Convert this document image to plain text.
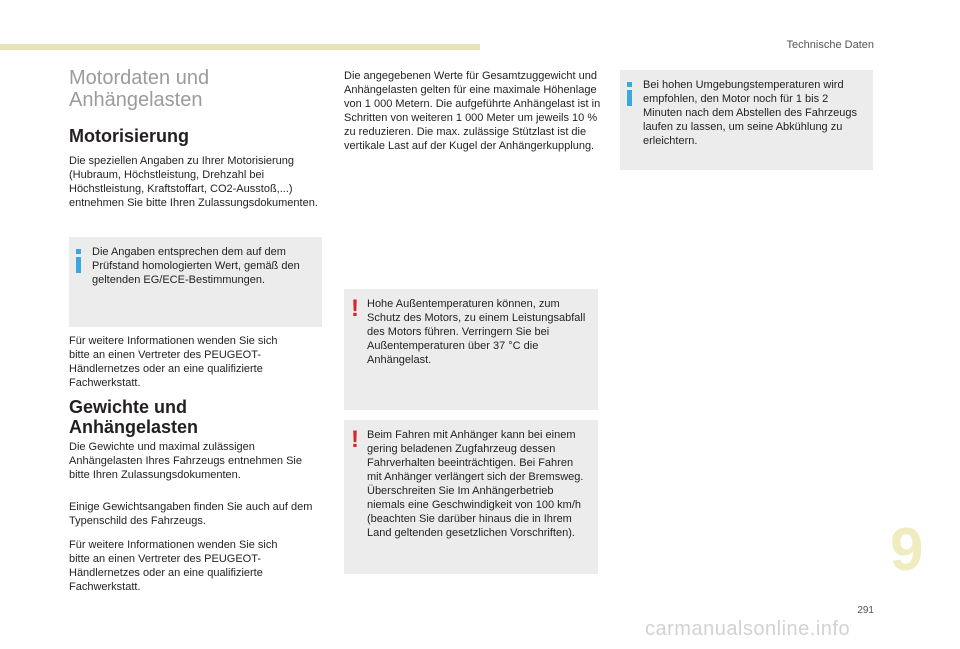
Technische Daten
Motordaten und Anhängelasten
Motorisierung

Die speziellen Angaben zu Ihrer Motorisierung (Hubraum, Höchstleistung, Drehzahl bei Höchstleistung, Kraftstoffart, CO2-Ausstoß,...) entnehmen Sie bitte Ihren Zulassungsdokumenten.

Die Angaben entsprechen dem auf dem Prüfstand homologierten Wert, gemäß den geltenden EG/ECE-Bestimmungen.

Für weitere Informationen wenden Sie sich bitte an einen Vertreter des PEUGEOT-Händlernetzes oder an eine qualifizierte Fachwerkstatt.

Gewichte und Anhängelasten

Die Gewichte und maximal zulässigen Anhängelasten Ihres Fahrzeugs entnehmen Sie bitte Ihren Zulassungsdokumenten.

Einige Gewichtsangaben finden Sie auch auf dem Typenschild des Fahrzeugs.

Für weitere Informationen wenden Sie sich bitte an einen Vertreter des PEUGEOT-Händlernetzes oder an eine qualifizierte Fachwerkstatt.

Die angegebenen Werte für Gesamtzuggewicht und Anhängelasten gelten für eine maximale Höhenlage von 1 000 Metern. Die aufgeführte Anhängelast ist in Schritten von weiteren 1 000 Meter um jeweils 10 % zu reduzieren. Die max. zulässige Stützlast ist die vertikale Last auf der Kugel der Anhängerkupplung.

! Hohe Außentemperaturen können, zum Schutz des Motors, zu einem Leistungsabfall des Motors führen. Verringern Sie bei Außentemperaturen über 37 °C die Anhängelast.
! Beim Fahren mit Anhänger kann bei einem gering beladenen Zugfahrzeug dessen Fahrverhalten beeinträchtigen. Bei Fahren mit Anhänger verlängert sich der Bremsweg. Überschreiten Sie Im Anhängerbetrieb niemals eine Geschwindigkeit von 100 km/h (beachten Sie darüber hinaus die in Ihrem Land geltenden gesetzlichen Vorschriften).
Bei hohen Umgebungstemperaturen wird empfohlen, den Motor noch für 1 bis 2 Minuten nach dem Abstellen des Fahrzeugs laufen zu lassen, um seine Abkühlung zu erleichtern.
9
291
carmanualsonline.info
